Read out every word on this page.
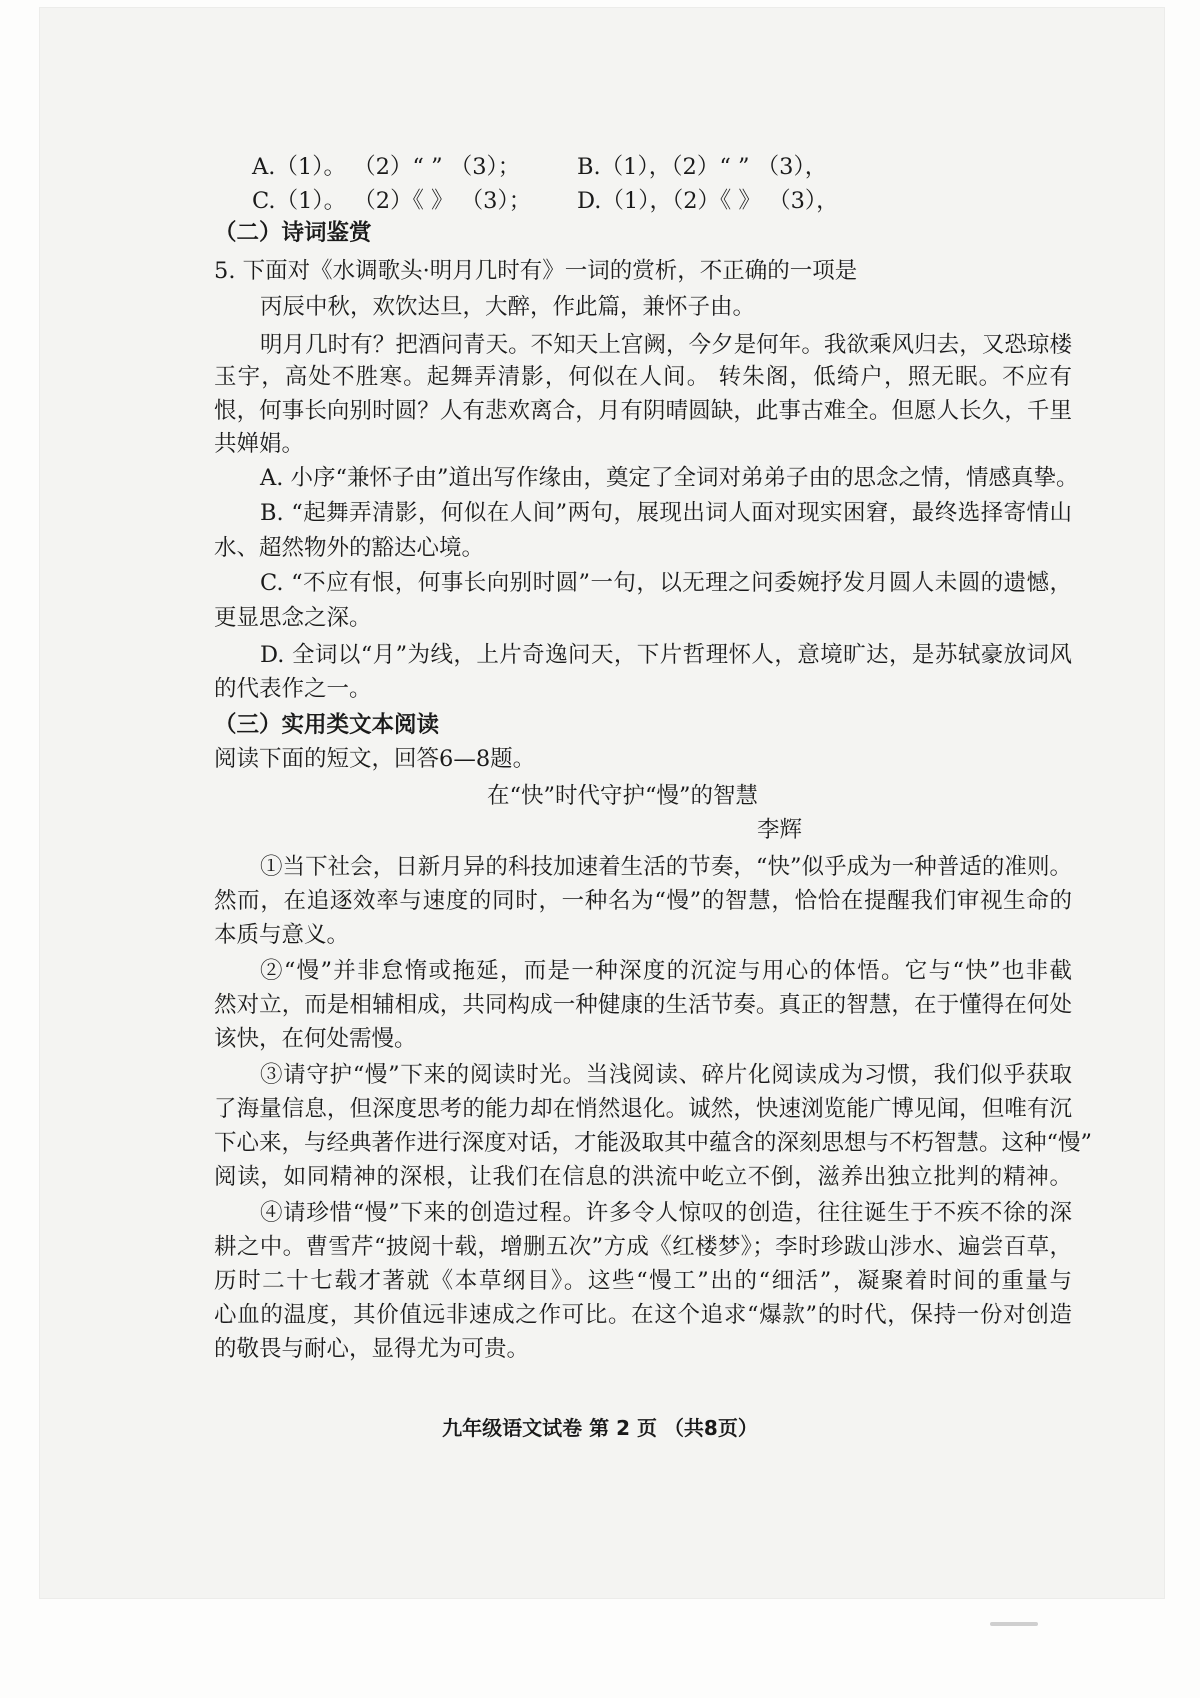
A.（1）。 （2）“ ” （3）；	B.（1），（2）“ ” （3），
C.（1）。 （2）《 》 （3）； D.（1），（2）《 》 （3），
（二）诗词鉴赏
5. 下面对《水调歌头·明月几时有》一词的赏析，不正确的一项是
丙辰中秋，欢饮达旦，大醉，作此篇，兼怀子由。
明月几时有？把酒问青天。不知天上宫阙，今夕是何年。我欲乘风归去，又恐琼楼
玉宇，高处不胜寒。起舞弄清影，何似在人间。 转朱阁，低绮户，照无眠。不应有
恨，何事长向别时圆？人有悲欢离合，月有阴晴圆缺，此事古难全。但愿人长久，千里
共婵娟。
A. 小序“兼怀子由”道出写作缘由，奠定了全词对弟弟子由的思念之情，情感真挚。
B. “起舞弄清影，何似在人间”两句，展现出词人面对现实困窘，最终选择寄情山
水、超然物外的豁达心境。
C. “不应有恨，何事长向别时圆”一句，以无理之问委婉抒发月圆人未圆的遗憾，
更显思念之深。
D. 全词以“月”为线，上片奇逸问天，下片哲理怀人，意境旷达，是苏轼豪放词风
的代表作之一。
（三）实用类文本阅读
阅读下面的短文，回答6—8题。
在“快”时代守护“慢”的智慧
李辉
①当下社会，日新月异的科技加速着生活的节奏，“快”似乎成为一种普适的准则。
然而，在追逐效率与速度的同时，一种名为“慢”的智慧，恰恰在提醒我们审视生命的
本质与意义。
②“慢”并非怠惰或拖延，而是一种深度的沉淀与用心的体悟。它与“快”也非截
然对立，而是相辅相成，共同构成一种健康的生活节奏。真正的智慧，在于懂得在何处
该快，在何处需慢。
③请守护“慢”下来的阅读时光。当浅阅读、碎片化阅读成为习惯，我们似乎获取
了海量信息，但深度思考的能力却在悄然退化。诚然，快速浏览能广博见闻，但唯有沉
下心来，与经典著作进行深度对话，才能汲取其中蕴含的深刻思想与不朽智慧。这种“慢”
阅读，如同精神的深根，让我们在信息的洪流中屹立不倒，滋养出独立批判的精神。
④请珍惜“慢”下来的创造过程。许多令人惊叹的创造，往往诞生于不疾不徐的深
耕之中。曹雪芹“披阅十载，增删五次”方成《红楼梦》；李时珍跋山涉水、遍尝百草，
历时二十七载才著就《本草纲目》。这些“慢工”出的“细活”，凝聚着时间的重量与
心血的温度，其价值远非速成之作可比。在这个追求“爆款”的时代，保持一份对创造
的敬畏与耐心，显得尤为可贵。
九年级语文试卷 第 2 页 （共8页）
